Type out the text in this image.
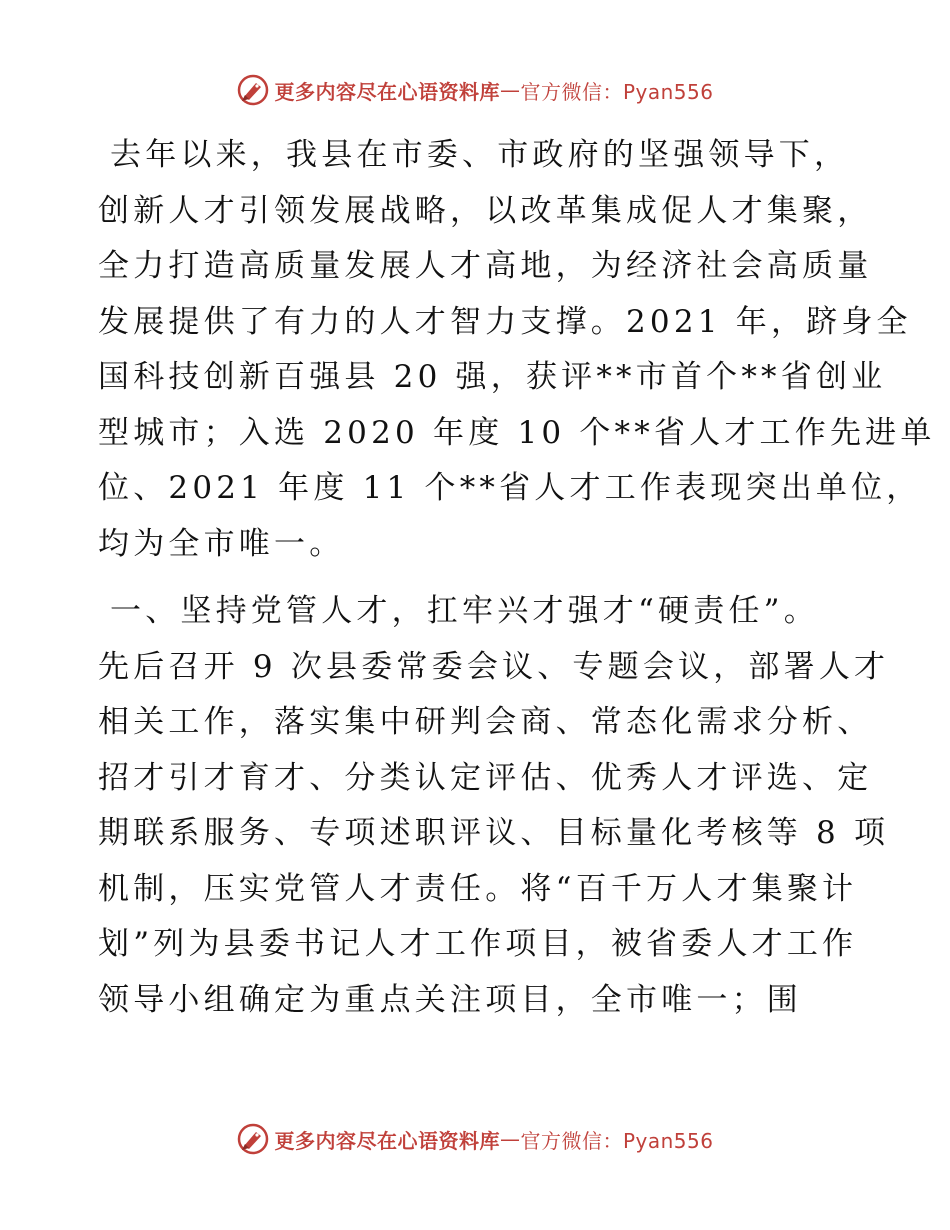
更多内容尽在心语资料库 — 官方微信：Pyan556

去年以来，我县在市委、市政府的坚强领导下，
创新人才引领发展战略，以改革集成促人才集聚，
全力打造高质量发展人才高地，为经济社会高质量
发展提供了有力的人才智力支撑。2021 年，跻身全
国科技创新百强县 20 强，获评**市首个**省创业
型城市；入选 2020 年度 10 个**省人才工作先进单
位、2021 年度 11 个**省人才工作表现突出单位，
均为全市唯一。

一、坚持党管人才，扛牢兴才强才“硬责任”。
先后召开 9 次县委常委会议、专题会议，部署人才
相关工作，落实集中研判会商、常态化需求分析、
招才引才育才、分类认定评估、优秀人才评选、定
期联系服务、专项述职评议、目标量化考核等 8 项
机制，压实党管人才责任。将“百千万人才集聚计
划”列为县委书记人才工作项目，被省委人才工作
领导小组确定为重点关注项目，全市唯一；围

更多内容尽在心语资料库 — 官方微信：Pyan556
